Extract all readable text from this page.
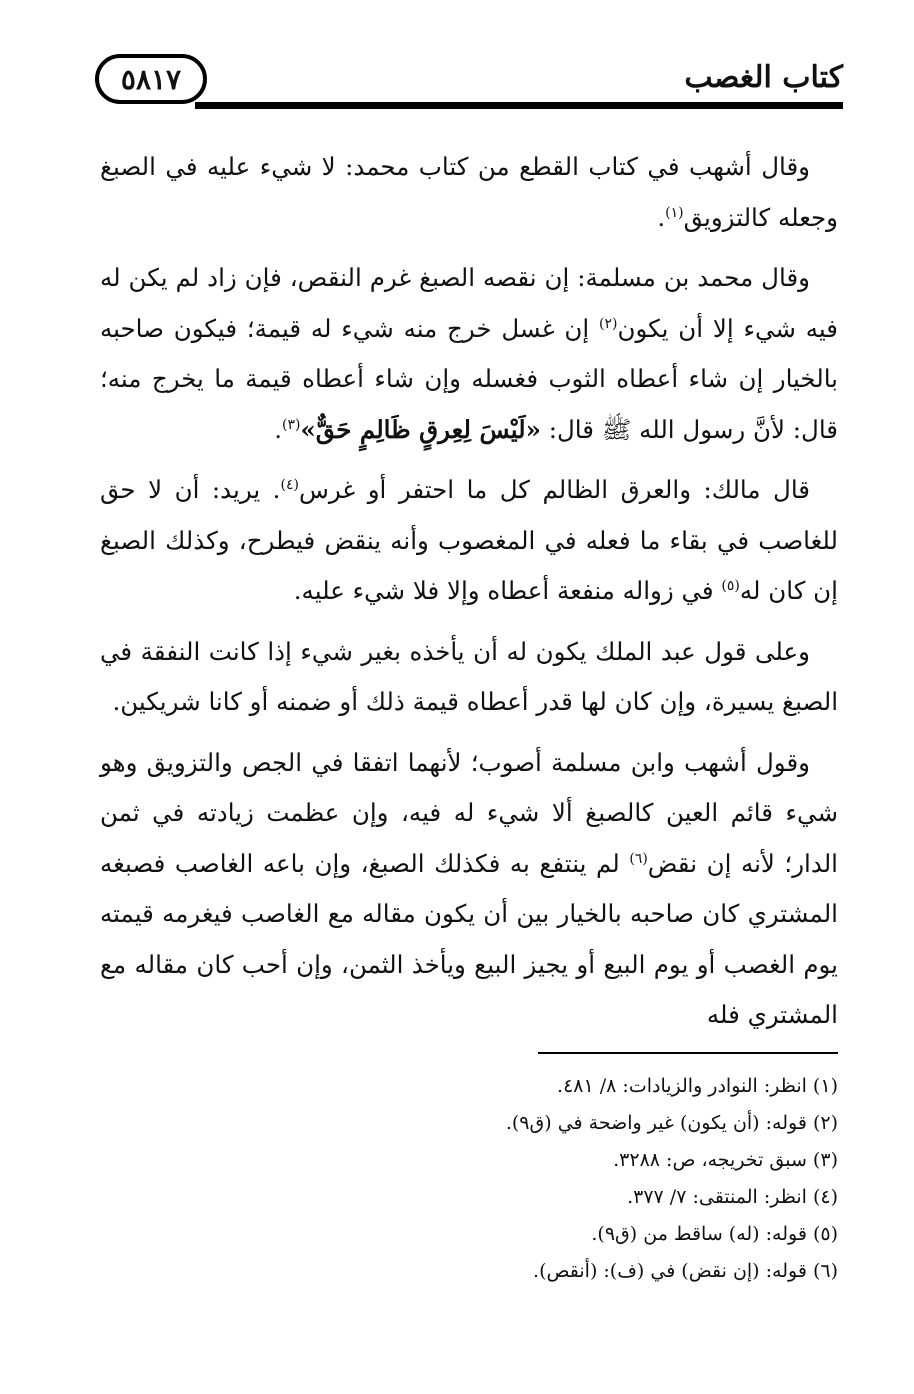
٥٨١٧	كتاب الغصب

وقال أشهب في كتاب القطع من كتاب محمد: لا شيء عليه في الصبغ وجعله كالتزويق$^{(١)}$.

وقال محمد بن مسلمة: إن نقصه الصبغ غرم النقص، فإن زاد لم يكن له فيه شيء إلا أن يكون$^{(٢)}$ إن غسل خرج منه شيء له قيمة؛ فيكون صاحبه بالخيار إن شاء أعطاه الثوب فغسله وإن شاء أعطاه قيمة ما يخرج منه؛ قال: لأنَّ رسول الله ﷺ قال: «لَيْسَ لِعِرقٍ ظَالِمٍ حَقٌّ»$^{(٣)}$.

قال مالك: والعرق الظالم كل ما احتفر أو غرس$^{(٤)}$. يريد: أن لا حق للغاصب في بقاء ما فعله في المغصوب وأنه ينقض فيطرح، وكذلك الصبغ إن كان له$^{(٥)}$ في زواله منفعة أعطاه وإلا فلا شيء عليه.

وعلى قول عبد الملك يكون له أن يأخذه بغير شيء إذا كانت النفقة في الصبغ يسيرة، وإن كان لها قدر أعطاه قيمة ذلك أو ضمنه أو كانا شريكين.

وقول أشهب وابن مسلمة أصوب؛ لأنهما اتفقا في الجص والتزويق وهو شيء قائم العين كالصبغ ألا شيء له فيه، وإن عظمت زيادته في ثمن الدار؛ لأنه إن نقض$^{(٦)}$ لم ينتفع به فكذلك الصبغ، وإن باعه الغاصب فصبغه المشتري كان صاحبه بالخيار بين أن يكون مقاله مع الغاصب فيغرمه قيمته يوم الغصب أو يوم البيع أو يجيز البيع ويأخذ الثمن، وإن أحب كان مقاله مع المشتري فله

(١) انظر: النوادر والزيادات: ٨/ ٤٨١.

(٢) قوله: (أن يكون) غير واضحة في (ق٩).

(٣) سبق تخريجه، ص: ٣٢٨٨.

(٤) انظر: المنتقى: ٧/ ٣٧٧.

(٥) قوله: (له) ساقط من (ق٩).

(٦) قوله: (إن نقض) في (ف): (أنقص).
